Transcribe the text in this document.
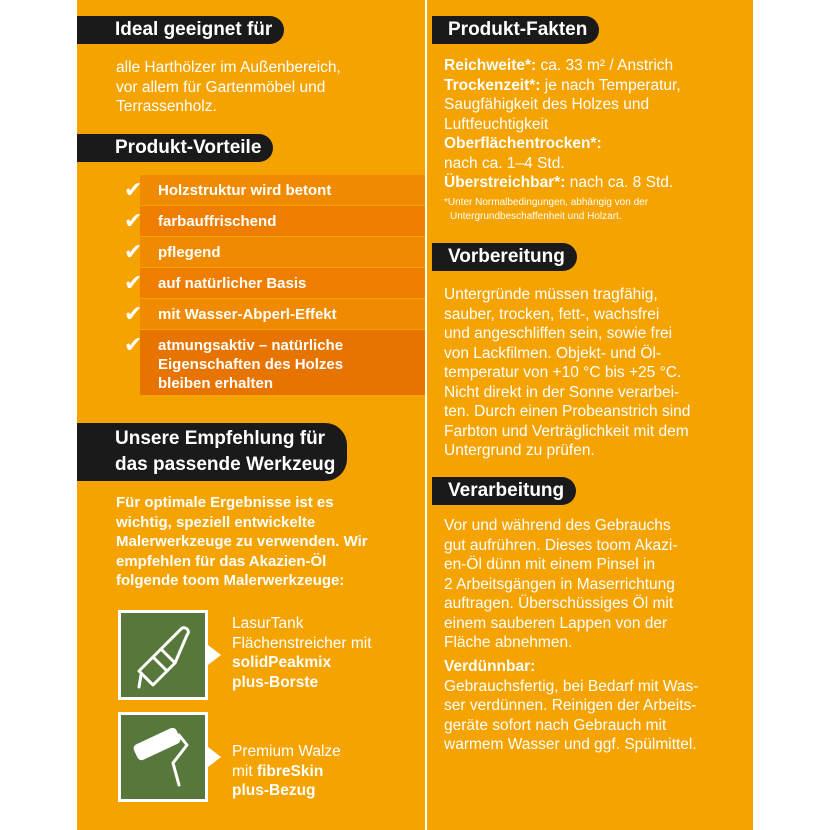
Ideal geeignet für
alle Harthölzer im Außenbereich,
vor allem für Gartenmöbel und
Terrassenholz.
Produkt-Vorteile
✔ Holzstruktur wird betont
✔ farbauffrischend
✔ pflegend
✔ auf natürlicher Basis
✔ mit Wasser-Abperl-Effekt
✔ atmungsaktiv – natürliche
Eigenschaften des Holzes
bleiben erhalten
Unsere Empfehlung für
das passende Werkzeug
Für optimale Ergebnisse ist es
wichtig, speziell entwickelte
Malerwerkzeuge zu verwenden. Wir
empfehlen für das Akazien-Öl
folgende toom Malerwerkzeuge:
LasurTank
Flächenstreicher mit
solidPeakmix
plus-Borste
Premium Walze
mit fibreSkin
plus-Bezug
Produkt-Fakten
Reichweite*: ca. 33 m² / Anstrich
Trockenzeit*: je nach Temperatur,
Saugfähigkeit des Holzes und
Luftfeuchtigkeit
Oberflächentrocken*:
nach ca. 1–4 Std.
Überstreichbar*: nach ca. 8 Std.
*Unter Normalbedingungen, abhängig von der
Untergrundbeschaffenheit und Holzart.
Vorbereitung
Untergründe müssen tragfähig,
sauber, trocken, fett-, wachsfrei
und angeschliffen sein, sowie frei
von Lackfilmen. Objekt- und Öl-
temperatur von +10 °C bis +25 °C.
Nicht direkt in der Sonne verarbei-
ten. Durch einen Probeanstrich sind
Farbton und Verträglichkeit mit dem
Untergrund zu prüfen.
Verarbeitung
Vor und während des Gebrauchs
gut aufrühren. Dieses toom Akazi-
en-Öl dünn mit einem Pinsel in
2 Arbeitsgängen in Maserrichtung
auftragen. Überschüssiges Öl mit
einem sauberen Lappen von der
Fläche abnehmen.
Verdünnbar:
Gebrauchsfertig, bei Bedarf mit Was-
ser verdünnen. Reinigen der Arbeits-
geräte sofort nach Gebrauch mit
warmem Wasser und ggf. Spülmittel.
